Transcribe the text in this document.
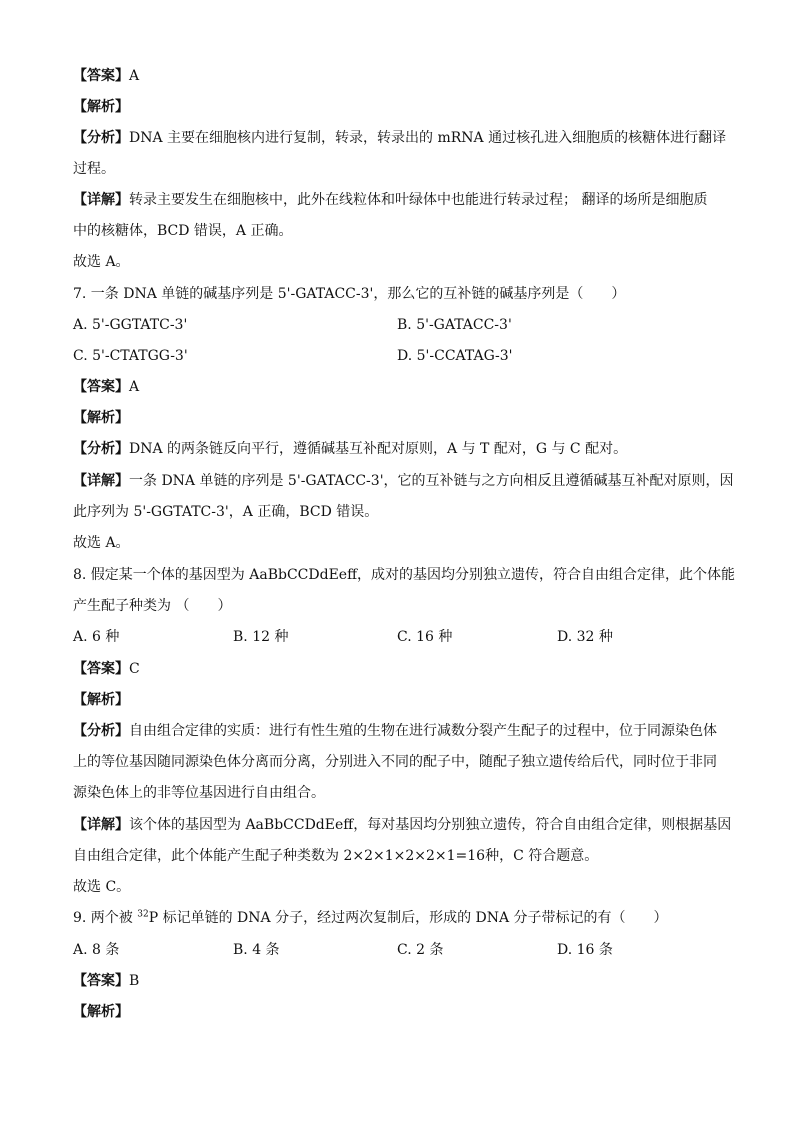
【答案】A
【解析】
【分析】DNA 主要在细胞核内进行复制，转录，转录出的 mRNA 通过核孔进入细胞质的核糖体进行翻译
过程。
【详解】转录主要发生在细胞核中，此外在线粒体和叶绿体中也能进行转录过程； 翻译的场所是细胞质
中的核糖体，BCD 错误，A 正确。
故选 A。
7. 一条 DNA 单链的碱基序列是 5'-GATACC-3'，那么它的互补链的碱基序列是（　　）
A. 5'-GGTATC-3'	B. 5'-GATACC-3'
C. 5'-CTATGG-3'	D. 5'-CCATAG-3'
【答案】A
【解析】
【分析】DNA 的两条链反向平行，遵循碱基互补配对原则，A 与 T 配对，G 与 C 配对。
【详解】一条 DNA 单链的序列是 5'-GATACC-3'，它的互补链与之方向相反且遵循碱基互补配对原则，因
此序列为 5'-GGTATC-3'，A 正确，BCD 错误。
故选 A。
8. 假定某一个体的基因型为 AaBbCCDdEeff，成对的基因均分别独立遗传，符合自由组合定律，此个体能
产生配子种类为 （　　）
A. 6 种	B. 12 种	C. 16 种	D. 32 种
【答案】C
【解析】
【分析】自由组合定律的实质：进行有性生殖的生物在进行减数分裂产生配子的过程中，位于同源染色体
上的等位基因随同源染色体分离而分离，分别进入不同的配子中，随配子独立遗传给后代，同时位于非同
源染色体上的非等位基因进行自由组合。
【详解】该个体的基因型为 AaBbCCDdEeff，每对基因均分别独立遗传，符合自由组合定律，则根据基因
自由组合定律，此个体能产生配子种类数为 2×2×1×2×2×1=16种，C 符合题意。
故选 C。
9. 两个被 $^{32}$P 标记单链的 DNA 分子，经过两次复制后，形成的 DNA 分子带标记的有（　　）
A. 8 条	B. 4 条	C. 2 条	D. 16 条
【答案】B
【解析】
